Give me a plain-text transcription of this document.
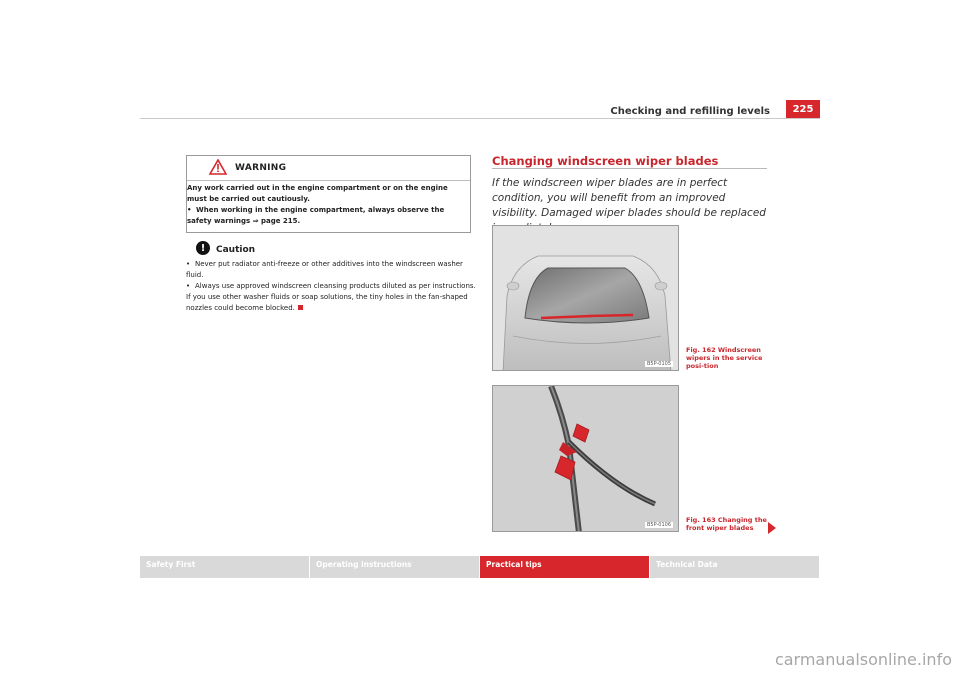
Checking and refilling levels	225
WARNING

Any work carried out in the engine compartment or on the engine must be carried out cautiously.

• When working in the engine compartment, always observe the safety warnings ⇒ page 215.

!	Caution

• Never put radiator anti-freeze or other additives into the windscreen washer fluid.

• Always use approved windscreen cleansing products diluted as per instructions. If you use other washer fluids or soap solutions, the tiny holes in the fan-shaped nozzles could become blocked.

Changing windscreen wiper blades
If the windscreen wiper blades are in perfect condition, you will benefit from an improved visibility. Damaged wiper blades should be replaced
B5P-0105
Fig. 162 Windscreen wipers in the service posi-tion
B5P-0106
Fig. 163 Changing the front wiper blades
Safety First	Operating instructions	Practical tips	Technical Data
carmanualsonline.info
